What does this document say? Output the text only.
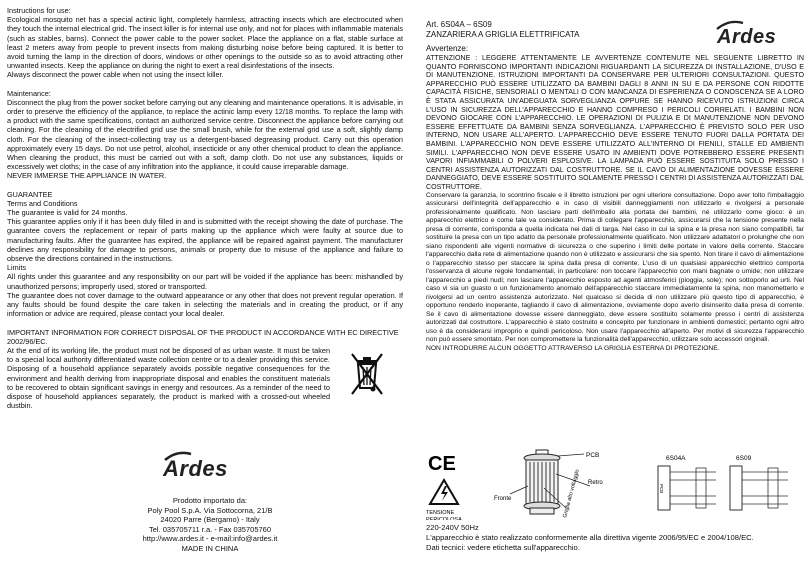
Instructions for use:

Ecological mosquito net has a special actinic light, completely harmless, attracting insects which are electrocuted when they touch the internal electrical grid. The insect killer is for internal use only, and not for places with inflammable materials (such as stables, barns). Connect the power cable to the power socket. Place the appliance on a flat, stable surface at least 2 meters away from people to prevent insects from making disturbing noise before being captured. It is better to avoid turning the lamp in the direction of doors, windows or other openings to the outside so as to avoid attracting other unwanted insects. Keep the appliance on during the night to exert a real disinfestations of the insects.

Always disconnect the power cable when not using the insect killer.

Maintenance:

Disconnect the plug from the power socket before carrying out any cleaning and maintenance operations. It is advisable, in order to preserve the efficiency of the appliance, to replace the actinic lamp every 12/18 months. To replace the lamp with a product with the same specifications, contact an authorized service centre. Disconnect the appliance before carrying out cleaning. For the cleaning of the electrified grid use the small brush, while for the external grid use a soft, slightly damp cloth. For the cleaning of the insect-collecting tray us a detergent-based degreasing product. Carry out this operation approximately every 15 days. Do not use petrol, alcohol, insecticide or any other chemical product to clean the appliance. When cleaning the product, this must be carried out with a soft, damp cloth. Do not use any substances, liquids or excessively wet cloths; in the case of any infiltration into the appliance, it could cause irreparable damage.

NEVER IMMERSE THE APPLIANCE IN WATER.

GUARANTEE

Terms and Conditions

The guarantee is valid for 24 months.

This guarantee applies only if it has been duly filled in and is submitted with the receipt showing the date of purchase. The guarantee covers the replacement or repair of parts making up the appliance which were faulty at source due to manufacturing faults. After the guarantee has expired, the appliance will be repaired against payment. The manufacturer declines any responsibility for damage to persons, animals or property due to misuse of the appliance and failure to observe the directions contained in the instructions.

Limits

All rights under this guarantee and any responsibility on our part will be voided if the appliance has been: mishandled by unauthorized persons; improperly used, stored or transported.

The guarantee does not cover damage to the outward appearance or any other that does not prevent regular operation. If any faults should be found despite the care taken in selecting the materials and in creating the product, or if any information or advice are required, please contact your local dealer.

IMPORTANT INFORMATION FOR CORRECT DISPOSAL OF THE PRODUCT IN ACCORDANCE WITH EC DIRECTIVE 2002/96/EC.

At the end of its working life, the product must not be disposed of as urban waste. It must be taken to a special local authority differentiated waste collection centre or to a dealer providing this service. Disposing of a household appliance separately avoids possible negative consequences for the environment and health deriving from inappropriate disposal and enables the constituent materials to be recovered to obtain significant savings in energy and resources. As a reminder of the need to dispose of household appliances separately, the product is marked with a crossed-out wheeled dustbin.

Ardes

Prodotto importato da:

Poly Pool S.p.A. Via Sottocorna, 21/B

24020 Parre (Bergamo) - Italy

Tel. 035705711 r.a. - Fax 035705760

http://www.ardes.it - e-mail:info@ardes.it

MADE IN CHINA

Art. 6S04A – 6S09

ZANZARIERA A GRIGLIA ELETTRIFICATA

Avvertenze:

ATTENZIONE : LEGGERE ATTENTAMENTE LE AVVERTENZE CONTENUTE NEL SEGUENTE LIBRETTO IN QUANTO FORNISCONO IMPORTANTI INDICAZIONI RIGUARDANTI LA SICUREZZA DI INSTALLAZIONE, D'USO E DI MANUTENZIONE. ISTRUZIONI IMPORTANTI DA CONSERVARE PER ULTERIORI CONSULTAZIONI. QUESTO APPARECCHIO PUÒ ESSERE UTILIZZATO DA BAMBINI DAGLI 8 ANNI IN SU E DA PERSONE CON RIDOTTE CAPACITÀ FISICHE, SENSORIALI O MENTALI O CON MANCANZA DI ESPERIENZA O CONOSCENZA SE A LORO È STATA ASSICURATA UN'ADEGUATA SORVEGLIANZA OPPURE SE HANNO RICEVUTO ISTRUZIONI CIRCA L'USO IN SICUREZZA DELL'APPARECCHIO E HANNO COMPRESO I PERICOLI CORRELATI. I BAMBINI NON DEVONO GIOCARE CON L'APPARECCHIO. LE OPERAZIONI DI PULIZIA E DI MANUTENZIONE NON DEVONO ESSERE EFFETTUATE DA BAMBINI SENZA SORVEGLIANZA. L'APPARECCHIO È PREVISTO SOLO PER USO INTERNO, NON USARE ALL'APERTO. L'APPARECCHIO DEVE ESSERE TENUTO FUORI DALLA PORTATA DEI BAMBINI. L'APPARECCHIO NON DEVE ESSERE UTILIZZATO ALL'INTERNO DI FIENILI, STALLE ED AMBIENTI SIMILI. L'APPARECCHIO NON DEVE ESSERE USATO IN AMBIENTI DOVE POTREBBERO ESSERE PRESENTI VAPORI INFIAMMABILI O POLVERI ESPLOSIVE. LA LAMPADA PUÒ ESSERE SOSTITUITA SOLO PRESSO I CENTRI ASSISTENZA AUTORIZZATI DAL COSTRUTTORE. SE IL CAVO DI ALIMENTAZIONE DOVESSE ESSERE DANNEGGIATO, DEVE ESSERE SOSTITUITO SOLAMENTE PRESSO I CENTRI DI ASSISTENZA AUTORIZZATI DAL COSTRUTTORE.

Conservare la garanzia, lo scontrino fiscale e il libretto istruzioni per ogni ulteriore consultazione. Dopo aver tolto l'imballaggio assicurarsi dell'integrità dell'apparecchio e in caso di visibili danneggiamenti non utilizzarlo e rivolgersi a personale professionalmente qualificato. Non lasciare parti dell'imballo alla portata dei bambini, né utilizzarlo come gioco: è un apparecchio elettrico e come tale va considerato. Prima di collegare l'apparecchio, assicurarsi che la tensione presente nella presa di corrente, corrisponda a quella indicata nei dati di targa. Nel caso in cui la spina e la presa non siano compatibili, far sostituire la presa con un tipo adatto da personale professionalmente qualificato. Non utilizzare adattatori o prolunghe che non siano rispondenti alle vigenti normative di sicurezza o che superino i limiti delle portate in valore della corrente. Staccare l'apparecchio dalla rete di alimentazione quando non è utilizzato e assicurarsi che sia spento. Non tirare il cavo di alimentazione o l'apparecchio stesso per staccare la spina dalla presa di corrente. L'uso di un qualsiasi apparecchio elettrico comporta l'osservanza di alcune regole fondamentali, in particolare: non toccare l'apparecchio con mani bagnate o umide; non utilizzare l'apparecchio a piedi nudi; non lasciare l'apparecchio esposto ad agenti atmosferici (pioggia, sole); non sottoporlo ad urti. Nel caso vi sia un guasto o un funzionamento anomalo dell'apparecchio staccare immediatamente la spina, non manometterlo e rivolgersi ad un centro assistenza autorizzato. Nel qualcaso si decida di non utilizzare più questo tipo di apparecchio, è opportuno renderlo inoperante, tagliando il cavo di alimentazione, ovviamente dopo averlo disinserito dalla presa di corrente. Se il cavo di alimentazione dovesse essere danneggiato, deve essere sostituito solamente presso i centri di assistenza autorizzati dal costruttore. L'apparecchio è stato costruito e concepito per funzionare in ambienti domestici; pertanto ogni altro uso è da considerarsi improprio e quindi pericoloso. Non usare l'apparecchio all'aperto. Per motivi di sicurezza l'apparecchio non può essere smontato. Per non compromettere la funzionalità dell'apparecchio, utilizzare solo accessori originali.

NON INTRODURRE ALCUN OGGETTO ATTRAVERSO LA GRIGLIA ESTERNA DI PROTEZIONE.

Ardes
CE
TENSIONE
PERICOLOSA
PCB
Fronte	Griglia alto voltaggio Retro
6S04A	6S09
PCB

220-240V 50Hz

L'apparecchio è stato realizzato conformemente alla direttiva vigente 2006/95/EC e 2004/108/EC.

Dati tecnici: vedere etichetta sull'apparecchio.
